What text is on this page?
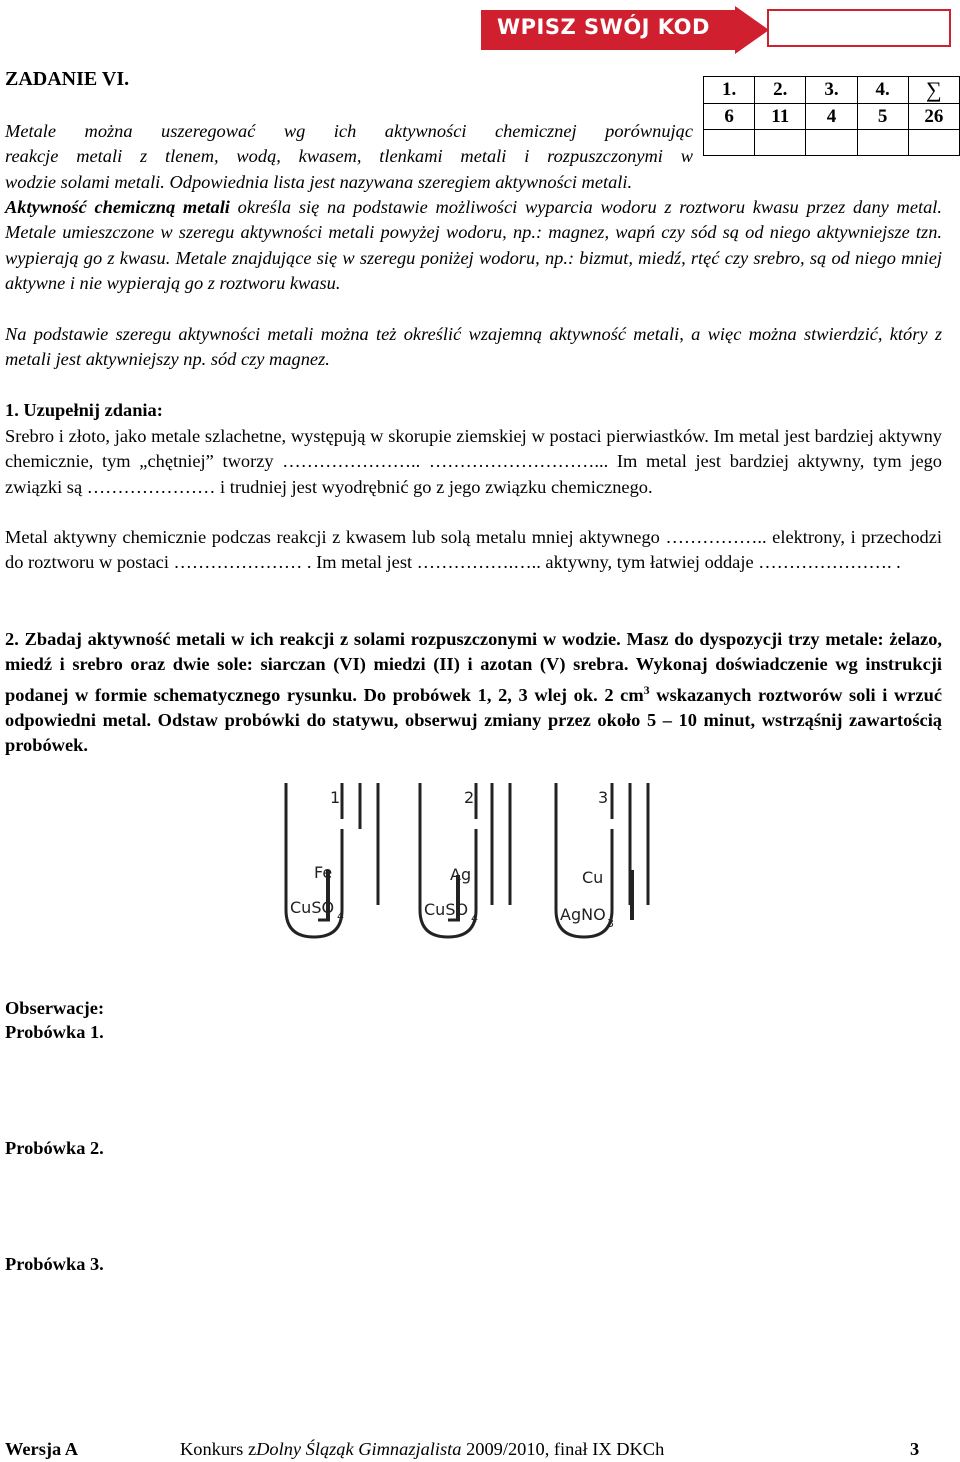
WPISZ SWÓJ KOD
ZADANIE VI.	1.	2.	3.	4.	∑
6	11	4	5	26

Metale można uszeregować wg ich aktywności chemicznej porównując
reakcje metali z tlenem, wodą, kwasem, tlenkami metali i rozpuszczonymi w
wodzie solami metali. Odpowiednia lista jest nazywana szeregiem aktywności metali.

Aktywność chemiczną metali określa się na podstawie możliwości wyparcia wodoru z roztworu kwasu przez dany metal. Metale umieszczone w szeregu aktywności metali powyżej wodoru, np.: magnez, wapń czy sód są od niego aktywniejsze tzn. wypierają go z kwasu. Metale znajdujące się w szeregu poniżej wodoru, np.: bizmut, miedź, rtęć czy srebro, są od niego mniej aktywne i nie wypierają go z roztworu kwasu.

Na podstawie szeregu aktywności metali można też określić wzajemną aktywność metali, a więc można stwierdzić, który z metali jest aktywniejszy np. sód czy magnez.
1. Uzupełnij zdania:
Srebro i złoto, jako metale szlachetne, występują w skorupie ziemskiej w postaci pierwiastków. Im metal jest bardziej aktywny chemicznie, tym „chętniej” tworzy ………………….. ………………………... Im metal jest bardziej aktywny, tym jego związki są ………………… i trudniej jest wyodrębnić go z jego związku chemicznego.
Metal aktywny chemicznie podczas reakcji z kwasem lub solą metalu mniej aktywnego …………….. elektrony, i przechodzi do roztworu w postaci ………………… . Im metal jest …………….….. aktywny, tym łatwiej oddaje …………………. .

2. Zbadaj aktywność metali w ich reakcji z solami rozpuszczonymi w wodzie. Masz do dyspozycji trzy metale: żelazo, miedź i srebro oraz dwie sole: siarczan (VI) miedzi (II) i azotan (V) srebra. Wykonaj doświadczenie wg instrukcji podanej w formie schematycznego rysunku. Do probówek 1, 2, 3 wlej ok. 2 $cm^3$ wskazanych roztworów soli i wrzuć odpowiedni metal. Odstaw probówki do statywu, obserwuj zmiany przez około 5 – 10 minut, wstrząśnij zawartością probówek.

1
Fe
CuSO 4
2
Ag
CuSO 4
3
Cu
AgNO 3
Obserwacje:
Probówka 1.
Probówka 2.
Probówka 3.
Wersja A	Konkurs zDolny Śląząk Gimnazjalista 2009/2010, finał IX DKCh	3
